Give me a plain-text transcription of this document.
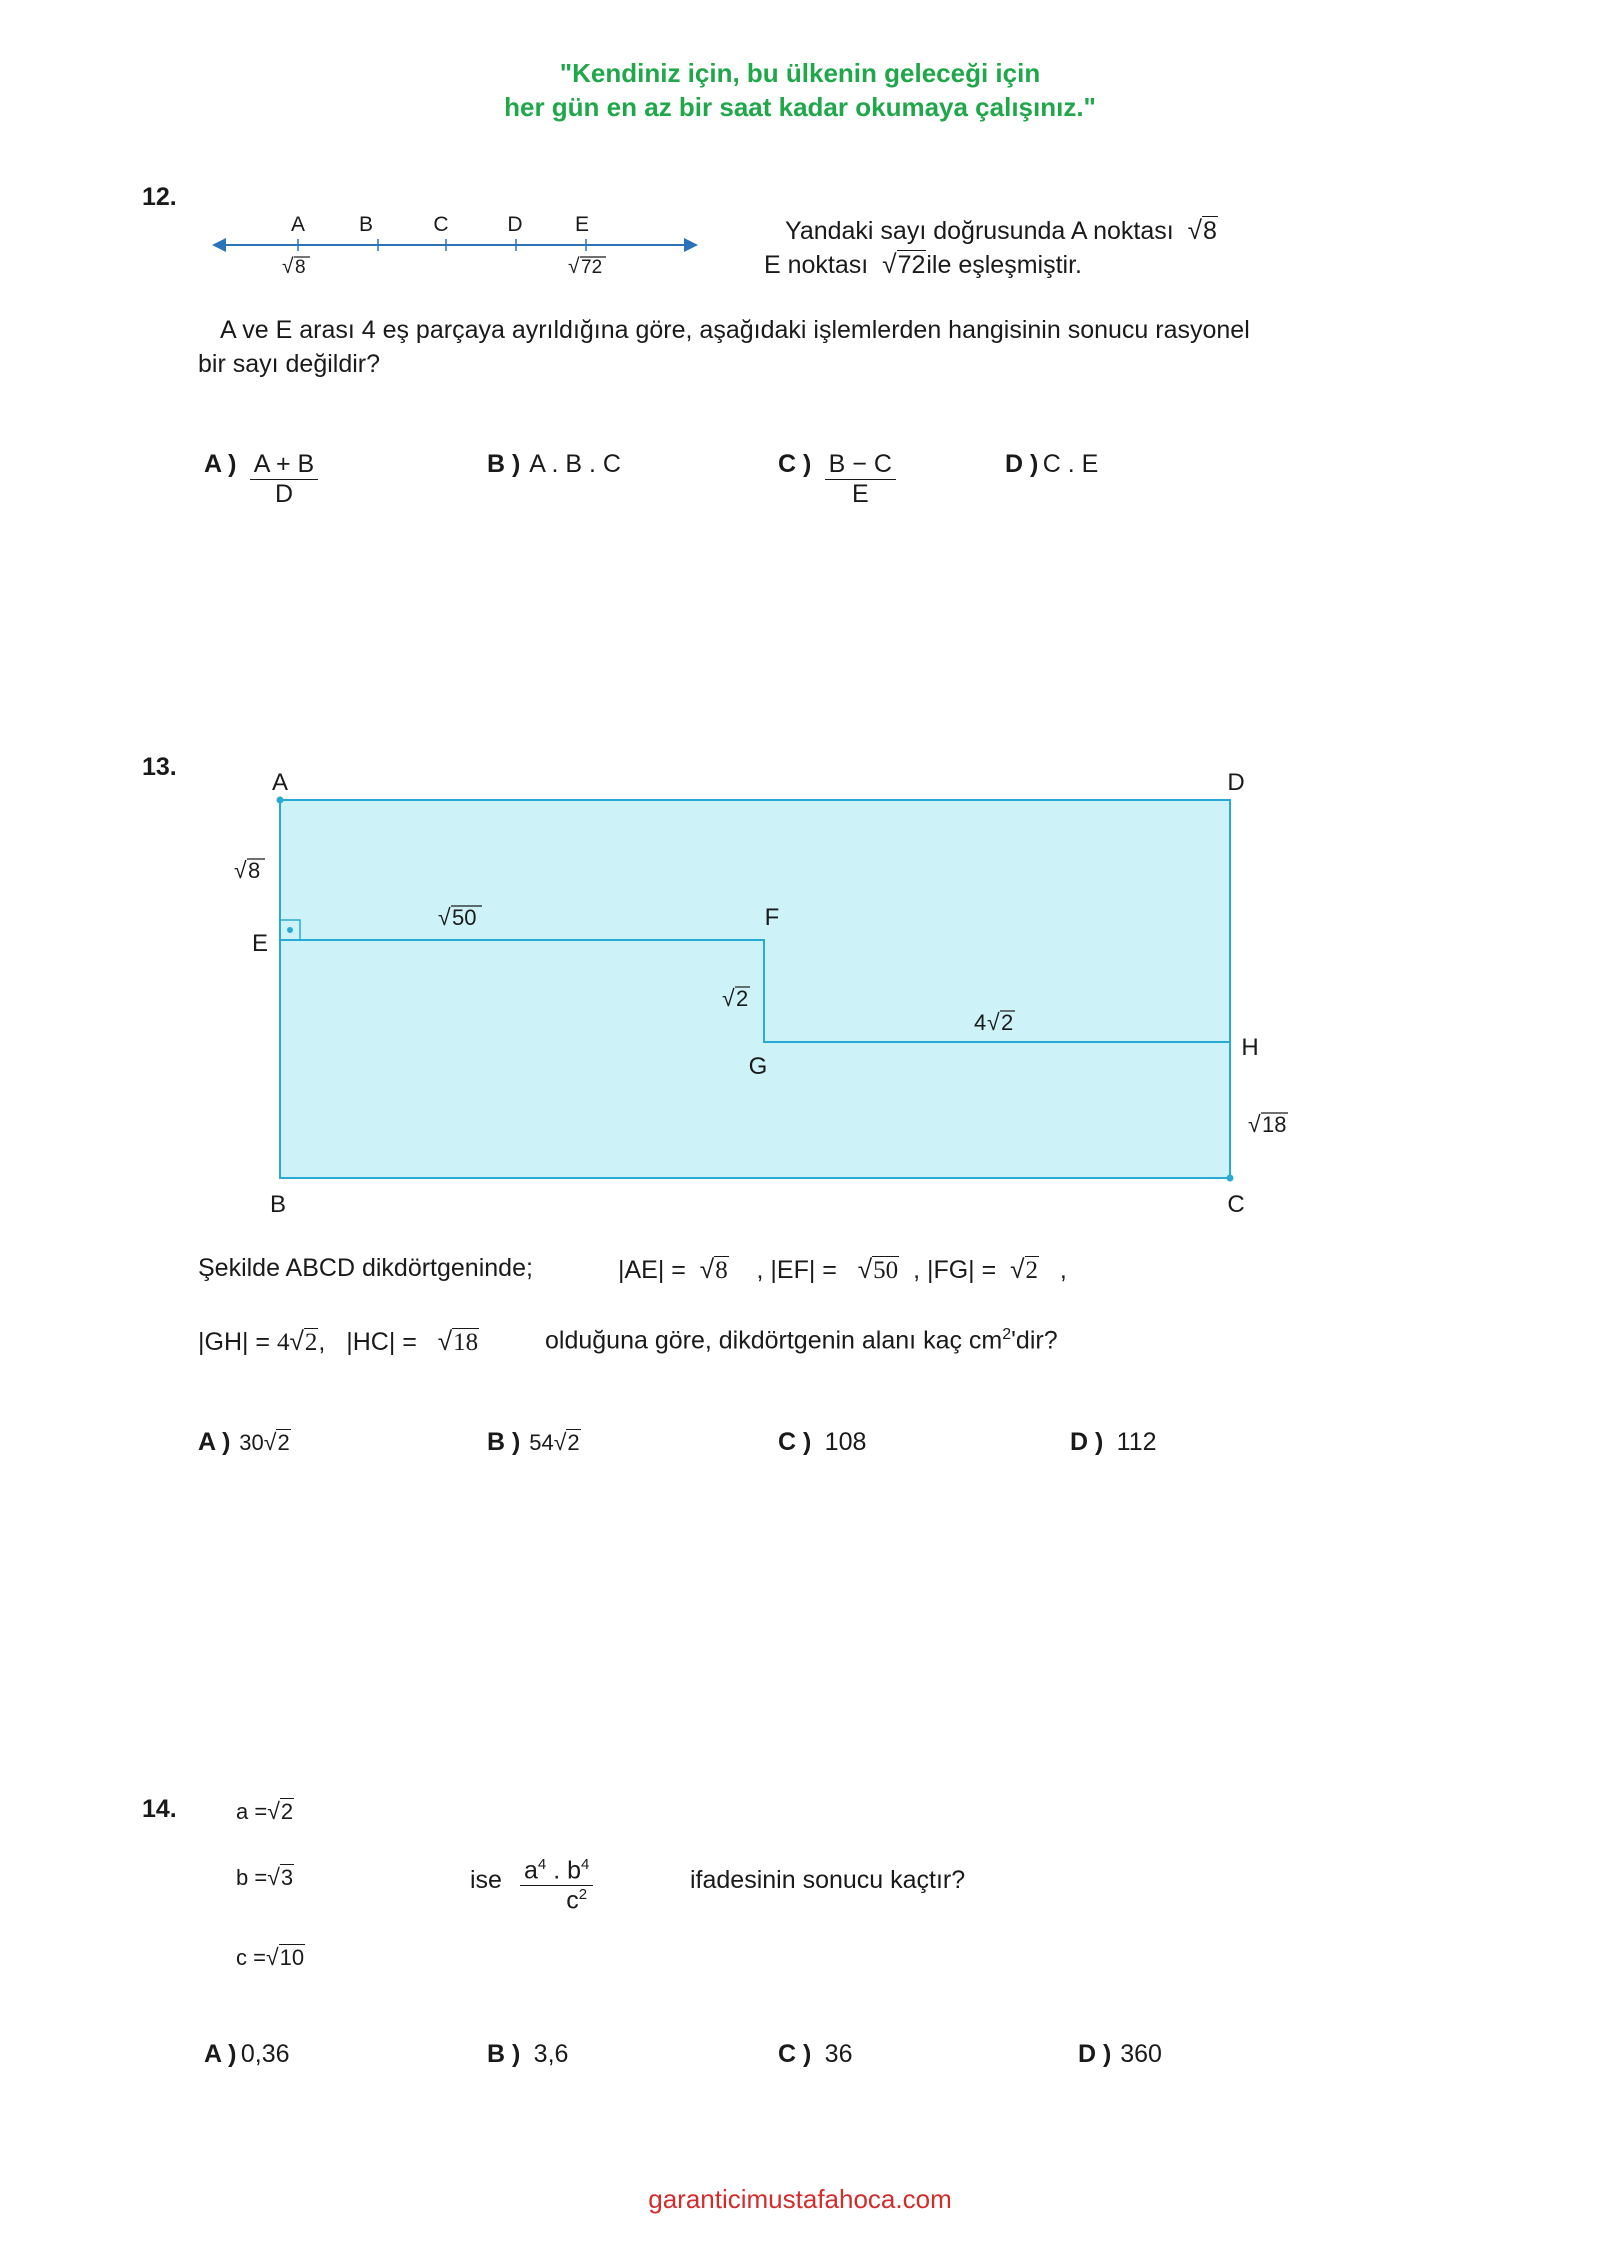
"Kendiniz için, bu ülkenin geleceği için
her gün en az bir saat kadar okumaya çalışınız."
12.
A	B	C	D E
√ 8	√ 72
Yandaki sayı doğrusunda A noktası √8
E noktası √72ile eşleşmiştir.
A ve E arası 4 eş parçaya ayrıldığına göre, aşağıdaki işlemlerden hangisinin sonucu rasyonel
bir sayı değildir?
A ) $\frac{A + B}{D}$	B ) A . B . C	C ) $\frac{B - C}{E}$	D ) C . E
13.
A	D
B	C
E
F
G
H
√ 8
√ 50
√ 2
4 √ 2
√ 18
Şekilde ABCD dikdörtgeninde;	|AE| = √8 , |EF| = √50 , |FG| = √2 ,
|GH| = 4√2, |HC| = √18	olduğuna göre, dikdörtgenin alanı kaç $cm^2'dir$?
A ) 30√2	B ) 54√2	C ) 108	D ) 112
14.	a =√2
b =√3
c =√10
ise $\frac{a^4 . b^4}{c^2}$	ifadesinin sonucu kaçtır?
A ) 0,36	B ) 3,6	C ) 36	D ) 360
garanticimustafahoca.com
